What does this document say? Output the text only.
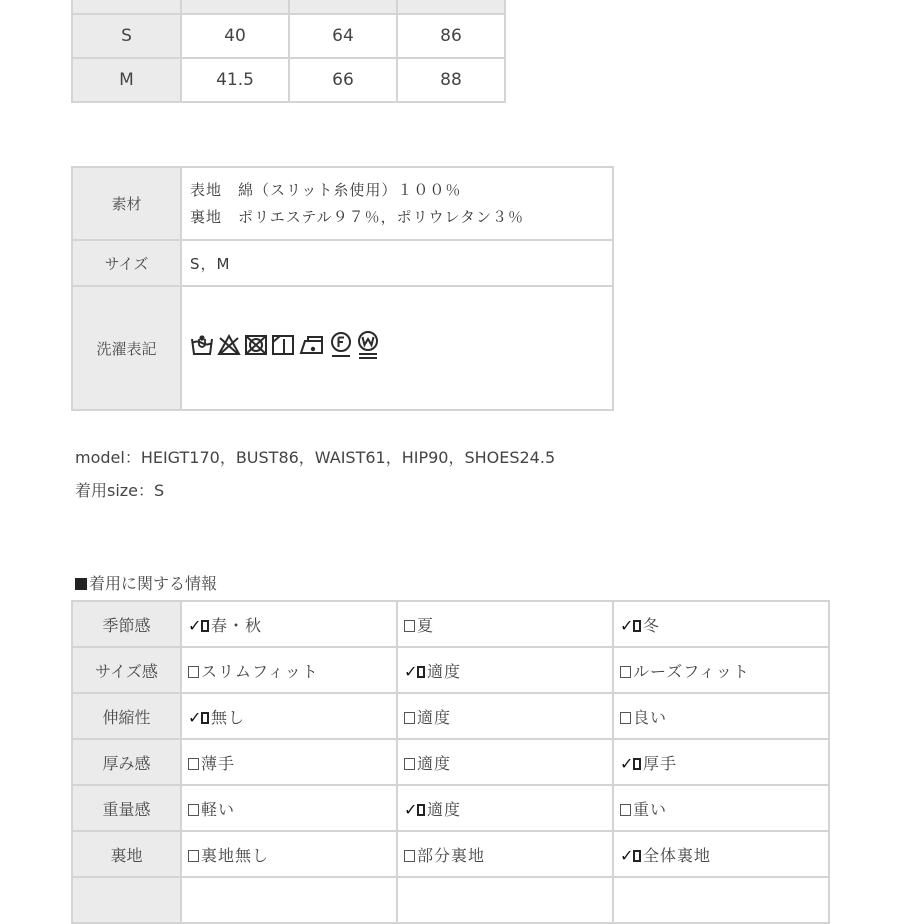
S	40	64	86
M	41.5	66	88
素材	表地　綿（スリット糸使用）１００％
裏地　ポリエステル９７％，ポリウレタン３％

サイズ	S，M
洗濯表記	
model：HEIGT170，BUST86，WAIST61，HIP90，SHOES24.5
着用size：S
着用に関する情報
季節感	✓ 春・秋	夏	✓ 冬
サイズ感	スリムフィット	✓ 適度	ルーズフィット
伸縮性	✓ 無し	適度	良い
厚み感	薄手	適度	✓ 厚手
重量感	軽い	✓ 適度	重い
裏地	裏地無し	部分裏地	✓ 全体裏地
